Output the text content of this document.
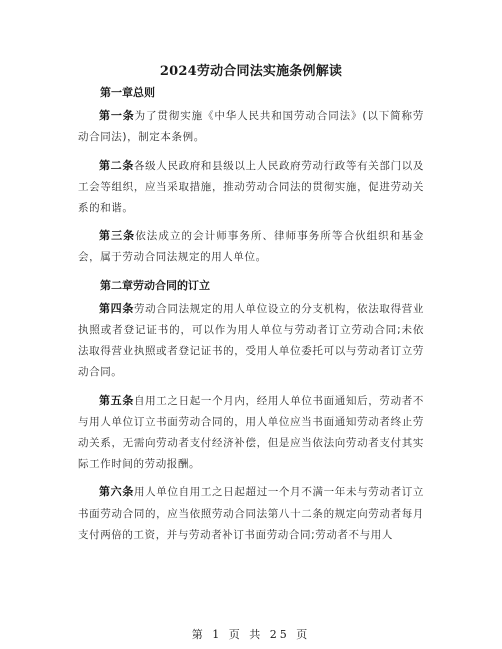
2024劳动合同法实施条例解读
第一章总则

第一条为了贯彻实施《中华人民共和国劳动合同法》(以下简称劳动合同法)，制定本条例。

第二条各级人民政府和县级以上人民政府劳动行政等有关部门以及工会等组织，应当采取措施，推动劳动合同法的贯彻实施，促进劳动关系的和谐。

第三条依法成立的会计师事务所、律师事务所等合伙组织和基金会，属于劳动合同法规定的用人单位。

第二章劳动合同的订立

第四条劳动合同法规定的用人单位设立的分支机构，依法取得营业执照或者登记证书的，可以作为用人单位与劳动者订立劳动合同;未依法取得营业执照或者登记证书的，受用人单位委托可以与劳动者订立劳动合同。

第五条自用工之日起一个月内，经用人单位书面通知后，劳动者不与用人单位订立书面劳动合同的，用人单位应当书面通知劳动者终止劳动关系，无需向劳动者支付经济补偿，但是应当依法向劳动者支付其实际工作时间的劳动报酬。

第六条用人单位自用工之日起超过一个月不满一年未与劳动者订立书面劳动合同的，应当依照劳动合同法第八十二条的规定向劳动者每月支付两倍的工资，并与劳动者补订书面劳动合同;劳动者不与用人

第 1 页 共 25 页
